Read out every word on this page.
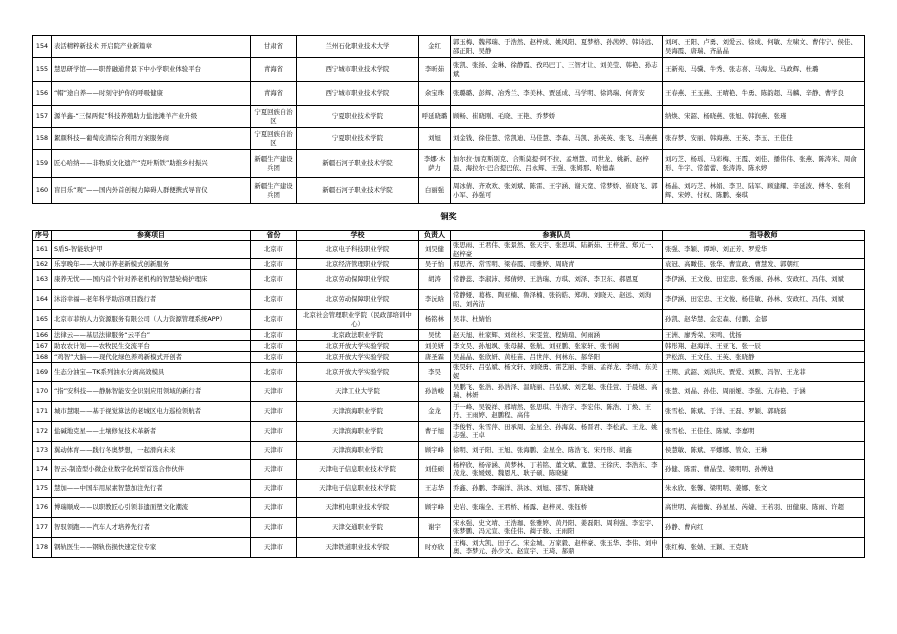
154	表活精粹新技术 开启院产业新篇章	甘肃省	兰州石化职业技术大学	金红	郭玉梅、魏邦瑞、于浩然、赵梓成、姚风阳、夏梦格、孙茜婷、韩诗远、邵正阳、吴静	刘珂、王阳、卢勇、刘爱云、徐成、何敏、左啸文、曹伟宁、侯佳、吴海霞、唐瑞、齐晶晶
155	慧思研学馆——职普融通背景下中小学职业体验平台	青海省	西宁城市职业技术学院	李昕茹	张凯、张扬、金琳、徐静霞、孜玛巴丁、三智才让、刘美莹、韩艳、孙志斌	王新苑、马骥、牛秀、张志喜、马海龙、马政辉、杜璐
156	“帽”途自养——时刻守护你的呼吸健康	青海省	西宁城市职业技术学院	余宝珠	张璐璐、彭辉、冶秀兰、李美林、贾延成、马学明、徐鸿瑞、何菁安	王春燕、王玉燕、王晴艳、牛勇、陈韵超、马麟、辛静、曹学良
157	源羊鑫-“三保两促”科技养殖助力盐池滩羊产业升级	宁夏回族自治区	宁夏职业技术学院	呼延晓璐	顾畅、崔晓刚、毛晓、王艳、乔梦娇	纳焕、宋韶、杨晓燕、张旭、韩润燕、张瑾
158	絮颜科技—葡萄皮渣综合利用方案服务商	宁夏回族自治区	宁夏职业技术学院	刘旭	刘金钱、徐佳慧、常凯迪、马佳慧、李森、马凯、孙英英、张飞、马燕燕	张存梦、安丽、韩海燕、王英、李玉、王佳佳
159	匠心哈纳——非物质文化遗产“克叶斯铁”助推乡村振兴	新疆生产建设兵团	新疆石河子职业技术学院	李娜·木萨力	加尔拉·加克斯别克、合斯莫提·阿不拉、孟增慧、司世龙、姚新、赵梓晨、海拉尔·巴合提巴依、吕永辉、王强、张姆那、哈德森	刘巧芝、杨瑶、马彩梅、王霞、刘佳、播伟伟、张燕、陈涛米、周俞形、牛宇、常蕾蕾、张涛涛、陈永婷
160	盲目乐“观”——国内外首创视力障碍人群便携式导盲仪	新疆生产建设兵团	新疆石河子职业技术学院	白丽强	周冰倩、齐欢欢、张刘斌、陈雷、王宇涵、谢天宽、常梦娇、崔晓飞、郭小军、孙强可	杨晶、刘巧芝、林娟、李卫、陆军、顾建耀、辛延波、傅冬、张利辉、宋婷、付权、陈鹏、秦琪
铜奖
序号	参赛项目	省份	学校	负责人	参赛队员	指导教师
161	S盾S-智能软护甲	北京市	北京电子科技职业学院	刘昊健	张思雨、王君伟、张景然、张天宇、张思琪、陆新茹、王梓萱、郑元一、赵梓豪	张强、李颖、谭坤、刘正芳、罗爱华
162	乐享晚年——大城市养老新模式创新服务	北京市	北京经济管理职业学院	吴子怡	邢思齐、常雪明、梁春霞、司雅婷、周晓青	袁冠、高瞰佳、张华、曹宣政、曹慧发、郭朝红
163	康养无忧——国内首个针对养老机构的智慧轮椅护理床	北京市	北京劳动保障职业学院	胡涛	常静蕊、李淑沛、郑倩婷、王浩瑞、方琪、刘泽、李卫东、郝恩夏	李伊涵、王文俊、田宏忠、张秀丽、孙林、安政红、冯伟、刘斌
164	沐浴幸福—老年科学助浴项目践行者	北京市	北京劳动保障职业学院	李沅晗	常静娅、葛栋、陶亚楠、鲁泽楠、张钧皓、郑萌、刘晓天、赵远、刘洵昭、刘芮洁	李伊涵、田宏忠、王文俊、杨佳敏、孙林、安政红、冯伟、刘斌
165	北京市菲纳人力资源服务有限公司（人力资源管理系统APP）	北京市	北京社会管理职业学院（民政部培训中心）	杨铭林	吴菲、杜婧怡	孙凯、赵华慧、金宏森、付鹏、金郁
166	法律云——基层法律服务“云平台”	北京市	北京政法职业学院	吴忧	赵天旭、杜家辉、刘丝杉、宋雯萱、程婧瑄、何雨涵	王洲、廖秀荣、宋鸣、优扬
167	助农农计划——农牧民生交流平台	北京市	北京开放大学实验学院	刘美妍	李文昊、孙旭飒、张母赫、张航、刘亚鹏、张家轩、张书阁	韩彤翔、赵海洋、王亚飞、张一辰
168	“鸡智”大脑——现代化绿色养鸡新模式开创者	北京市	北京开放大学实验学院	唐圣霖	吴晶晶、张欣妍、黄桂苗、吕世萍、何林东、郝华阳	尹松滨、王文佳、王英、张晓静
169	生态分油宝—TK系列油水分离高效模具	北京市	北京开放大学实验学院	李昊	张昊轩、吕弘斌、杨文轩、刘晓勇、雷艺丽、李丽、孟祥龙、李靖、东美妮	王期、武韶、刘洪庆、贾爱、刘默、冯智、王龙菲
170	“指”安科技——静脉智能安全识别应用领域的新行者	天津市	天津工业大学院	孙浩峻	吴鹏飞、张浩、孙浩泽、温晓丽、吕弘斌、刘艺聪、张佳萱、于晨煜、高瑞、林妍	张慧、刘晶、孙佳、周丽娅、李强、亢春艳、于涵
171	城市慧眼——基于视觉算法的老城区电力巡检领航者	天津市	天津滨海职业学院	金龙	于一峰、吴锐祥、邢靖然、张思琪、牛浩宇、李宏伟、陈浩、丁焕、王丹、王雨婷、赵鹏程、高伟	张雪松、陈斌、于洋、王磊、罗颖、郭晓磊
172	盐碱地克星——土壤修复技术革新者	天津市	天津滨海职业学院	曹子旭	李俊哲、朱雪萍、田承周、金星全、孙海莫、杨晋君、李松武、王龙、姚志强、王卓	张雪松、王佳佳、陈斌、李嘉明
173	翼动体育——践行冬奥梦想，一起滑向未来	天津市	天津滨海职业学院	顾宇峰	徐明、刘子阳、王旭、张海鹏、金星全、陈浩飞、宋丹形、胡鑫	侯慧敏、陈斌、平娜娜、管众、王琳
174	智云-制造型小微企业数字化转型首选合作伙伴	天津市	天津电子信息职业技术学院	刘佳硕	杨梓欣、杨帝涵、黄梦林、丁若铭、董文斌、董慧、王徐庆、李浩东、李茂龙、张媛媛、魏恩凡、耿子硕、陈晓婕	孙健、陈雷、曹晶莹、梁明明、孙博迪
175	慧加——中国车用尿素智慧加注先行者	天津市	天津电子信息职业技术学院	王志华	乔鑫、孙鹏、李瑞洋、洪冰、刘旭、邵雪、陈晓婕	朱永欣、张馨、梁明明、姜娜、张文
176	博瑞顺成——以职教匠心引领非遗面塑文化潮流	天津市	天津机电职业技术学院	顾宇峰	史岩、张瑞全、王君桥、杨露、赵梓灵、张钰桥	高世明、高德衡、孙星星、芮婕、王若羽、田健康、陈雨、许超
177	智驭领跑——汽车人才培养先行者	天津市	天津交通职业学院	谢宇	宋永强、史文靖、王浩珈、张雅婷、黄丹阳、姜磊阳、周利强、李宏宇、张梦鹏、冯元宣、张佳伟、蔺子骏、王雨阳	孙静、曹向红
178	钢轨医生——钢轨伤损快速定位专家	天津市	天津铁道职业技术学院	时亦欣	王梅、刘大凯、田子乙、宋金城、万家毅、赵梓豪、张玉华、李伟、刘申奥、李梦元、孙少文、赵宣宇、王琦、郝鼎	张红梅、张婧、王颖、王克晓
